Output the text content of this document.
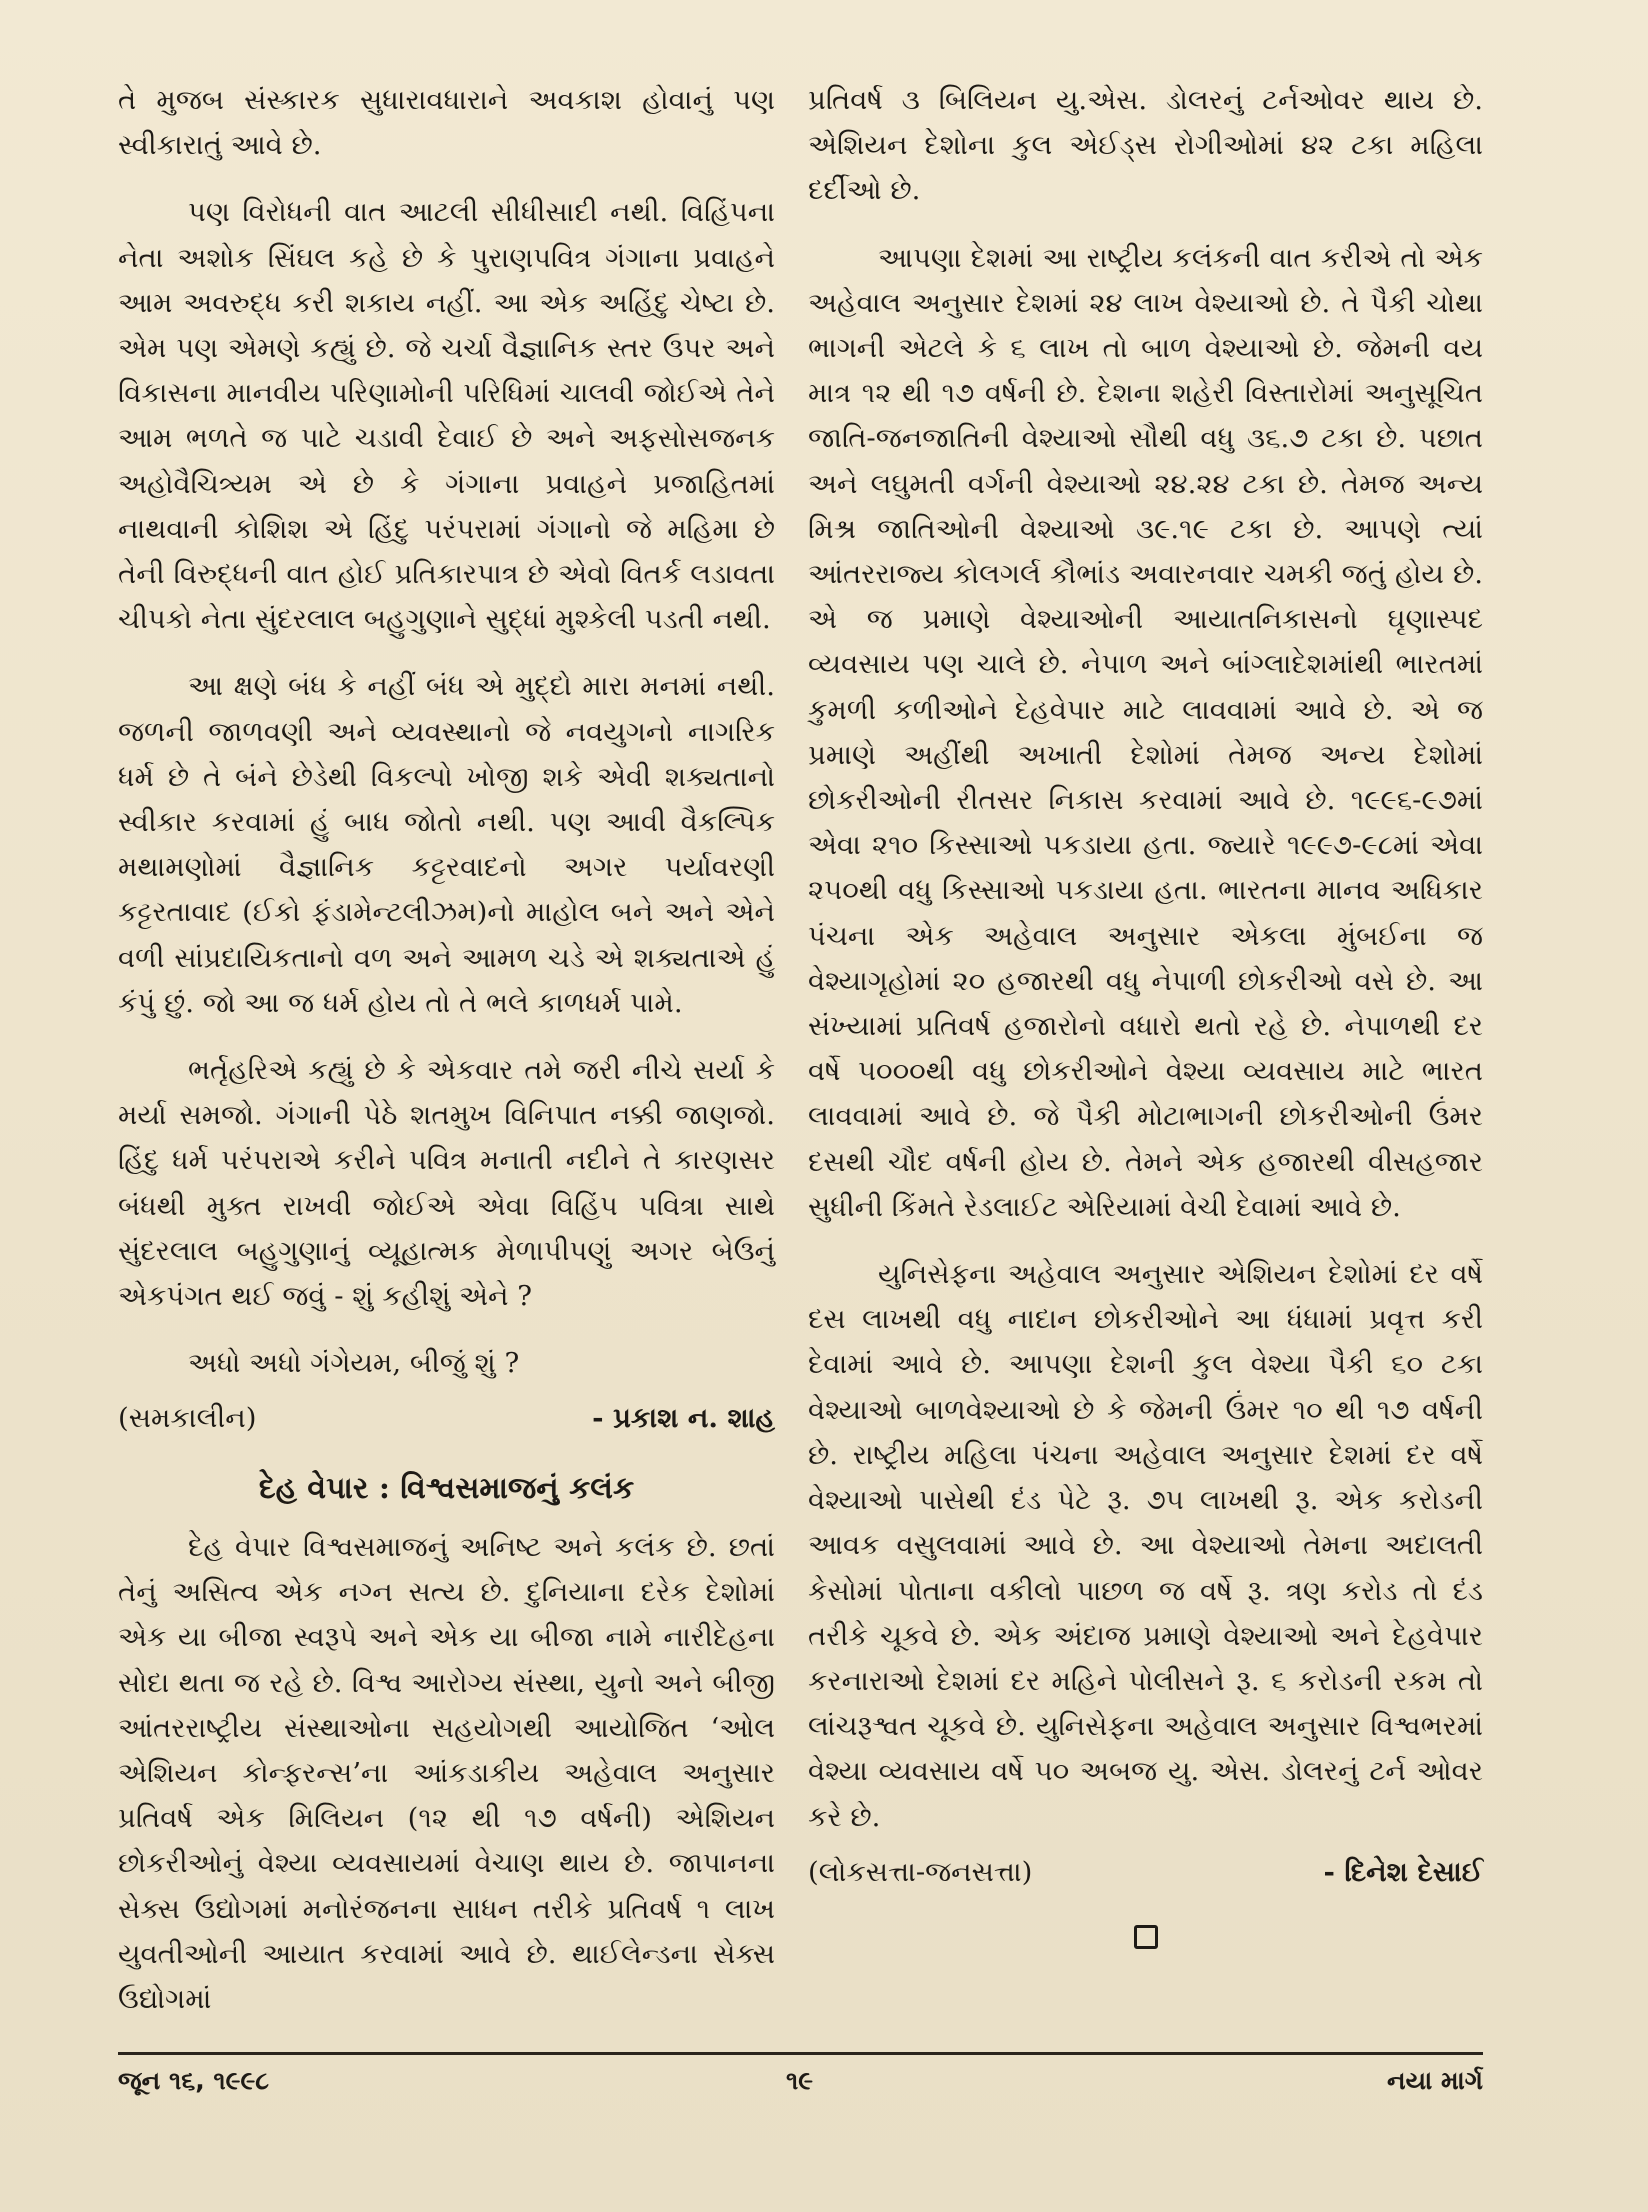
તે મુજબ સંસ્કારક સુધારાવધારાને અવકાશ હોવાનું પણ સ્વીકારાતું આવે છે.

પણ વિરોધની વાત આટલી સીધીસાદી નથી. વિહિંપના નેતા અશોક સિંઘલ કહે છે કે પુરાણપવિત્ર ગંગાના પ્રવાહને આમ અવરુદ્ધ કરી શકાય નહીં. આ એક અહિંદુ ચેષ્ટા છે. એમ પણ એમણે કહ્યું છે. જે ચર્ચા વૈજ્ઞાનિક સ્તર ઉપર અને વિકાસના માનવીય પરિણામોની પરિધિમાં ચાલવી જોઈએ તેને આમ ભળતે જ પાટે ચડાવી દેવાઈ છે અને અફસોસજનક અહોવૈચિત્ર્યમ એ છે કે ગંગાના પ્રવાહને પ્રજાહિતમાં નાથવાની કોશિશ એ હિંદુ પરંપરામાં ગંગાનો જે મહિમા છે તેની વિરુદ્ધની વાત હોઈ પ્રતિકારપાત્ર છે એવો વિતર્ક લડાવતા ચીપકો નેતા સુંદરલાલ બહુગુણાને સુદ્ધાં મુશ્કેલી પડતી નથી.

આ ક્ષણે બંધ કે નહીં બંધ એ મુદ્દો મારા મનમાં નથી. જળની જાળવણી અને વ્યવસ્થાનો જે નવયુગનો નાગરિક ધર્મ છે તે બંને છેડેથી વિકલ્પો ખોજી શકે એવી શક્યતાનો સ્વીકાર કરવામાં હું બાધ જોતો નથી. પણ આવી વૈકલ્પિક મથામણોમાં વૈજ્ઞાનિક કટ્ટરવાદનો અગર પર્યાવરણી કટ્ટરતાવાદ (ઈકો ફંડામેન્ટલીઝમ)નો માહોલ બને અને એને વળી સાંપ્રદાયિકતાનો વળ અને આમળ ચડે એ શક્યતાએ હું કંપું છું. જો આ જ ધર્મ હોય તો તે ભલે કાળધર્મ પામે.

ભર્તૃહરિએ કહ્યું છે કે એકવાર તમે જરી નીચે સર્યા કે મર્યા સમજો. ગંગાની પેઠે શતમુખ વિનિપાત નક્કી જાણજો. હિંદુ ધર્મ પરંપરાએ કરીને પવિત્ર મનાતી નદીને તે કારણસર બંધથી મુક્ત રાખવી જોઈએ એવા વિહિંપ પવિત્રા સાથે સુંદરલાલ બહુગુણાનું વ્યૂહાત્મક મેળાપીપણું અગર બેઉનું એકપંગત થઈ જવું - શું કહીશું એને ?

અધો અધો ગંગેયમ, બીજું શું ?

(સમકાલીન)	- પ્રકાશ ન. શાહ
દેહ વેપાર : વિશ્વસમાજનું કલંક

દેહ વેપાર વિશ્વસમાજનું અનિષ્ટ અને કલંક છે. છતાં તેનું અસિત્વ એક નગ્ન સત્ય છે. દુનિયાના દરેક દેશોમાં એક યા બીજા સ્વરૂપે અને એક યા બીજા નામે નારીદેહના સોદા થતા જ રહે છે. વિશ્વ આરોગ્ય સંસ્થા, યુનો અને બીજી આંતરરાષ્ટ્રીય સંસ્થાઓના સહયોગથી આયોજિત ‘ઓલ એશિયન કોન્ફરન્સ’ના આંકડાકીય અહેવાલ અનુસાર પ્રતિવર્ષ એક મિલિયન (૧૨ થી ૧૭ વર્ષની) એશિયન છોકરીઓનું વેશ્યા વ્યવસાયમાં વેચાણ થાય છે. જાપાનના સેક્સ ઉદ્યોગમાં મનોરંજનના સાધન તરીકે પ્રતિવર્ષ ૧ લાખ યુવતીઓની આયાત કરવામાં આવે છે. થાઈલેન્ડના સેક્સ ઉદ્યોગમાં

પ્રતિવર્ષ ૩ બિલિયન યુ.એસ. ડોલરનું ટર્નઓવર થાય છે. એશિયન દેશોના કુલ એઈડ્સ રોગીઓમાં ૪૨ ટકા મહિલા દર્દીઓ છે.

આપણા દેશમાં આ રાષ્ટ્રીય કલંકની વાત કરીએ તો એક અહેવાલ અનુસાર દેશમાં ૨૪ લાખ વેશ્યાઓ છે. તે પૈકી ચોથા ભાગની એટલે કે ૬ લાખ તો બાળ વેશ્યાઓ છે. જેમની વય માત્ર ૧૨ થી ૧૭ વર્ષની છે. દેશના શહેરી વિસ્તારોમાં અનુસૂચિત જાતિ-જનજાતિની વેશ્યાઓ સૌથી વધુ ૩૬.૭ ટકા છે. પછાત અને લઘુમતી વર્ગની વેશ્યાઓ ૨૪.૨૪ ટકા છે. તેમજ અન્ય મિશ્ર જાતિઓની વેશ્યાઓ ૩૯.૧૯ ટકા છે. આપણે ત્યાં આંતરરાજ્ય કોલગર્લ કૌભાંડ અવારનવાર ચમકી જતું હોય છે. એ જ પ્રમાણે વેશ્યાઓની આયાતનિકાસનો ઘૃણાસ્પદ વ્યવસાય પણ ચાલે છે. નેપાળ અને બાંગ્લાદેશમાંથી ભારતમાં કુમળી કળીઓને દેહવેપાર માટે લાવવામાં આવે છે. એ જ પ્રમાણે અહીંથી અખાતી દેશોમાં તેમજ અન્ય દેશોમાં છોકરીઓની રીતસર નિકાસ કરવામાં આવે છે. ૧૯૯૬-૯૭માં એવા ૨૧૦ કિસ્સાઓ પકડાયા હતા. જ્યારે ૧૯૯૭-૯૮માં એવા ૨૫૦થી વધુ કિસ્સાઓ પકડાયા હતા. ભારતના માનવ અધિકાર પંચના એક અહેવાલ અનુસાર એકલા મુંબઈના જ વેશ્યાગૃહોમાં ૨૦ હજારથી વધુ નેપાળી છોકરીઓ વસે છે. આ સંખ્યામાં પ્રતિવર્ષ હજારોનો વધારો થતો રહે છે. નેપાળથી દર વર્ષે ૫૦૦૦થી વધુ છોકરીઓને વેશ્યા વ્યવસાય માટે ભારત લાવવામાં આવે છે. જે પૈકી મોટાભાગની છોકરીઓની ઉંમર દસથી ચૌદ વર્ષની હોય છે. તેમને એક હજારથી વીસહજાર સુધીની કિંમતે રેડલાઈટ એરિયામાં વેચી દેવામાં આવે છે.

યુનિસેફના અહેવાલ અનુસાર એશિયન દેશોમાં દર વર્ષે દસ લાખથી વધુ નાદાન છોકરીઓને આ ધંધામાં પ્રવૃત્ત કરી દેવામાં આવે છે. આપણા દેશની કુલ વેશ્યા પૈકી ૬૦ ટકા વેશ્યાઓ બાળવેશ્યાઓ છે કે જેમની ઉંમર ૧૦ થી ૧૭ વર્ષની છે. રાષ્ટ્રીય મહિલા પંચના અહેવાલ અનુસાર દેશમાં દર વર્ષે વેશ્યાઓ પાસેથી દંડ પેટે રૂ. ૭૫ લાખથી રૂ. એક કરોડની આવક વસુલવામાં આવે છે. આ વેશ્યાઓ તેમના અદાલતી કેસોમાં પોતાના વકીલો પાછળ જ વર્ષે રૂ. ત્રણ કરોડ તો દંડ તરીકે ચૂકવે છે. એક અંદાજ પ્રમાણે વેશ્યાઓ અને દેહવેપાર કરનારાઓ દેશમાં દર મહિને પોલીસને રૂ. ૬ કરોડની રકમ તો લાંચરૂશ્વત ચૂકવે છે. યુનિસેફના અહેવાલ અનુસાર વિશ્વભરમાં વેશ્યા વ્યવસાય વર્ષે ૫૦ અબજ યુ. એસ. ડોલરનું ટર્ન ઓવર કરે છે.

(લોકસત્તા-જનસત્તા)	- દિનેશ દેસાઈ
જૂન ૧૬, ૧૯૯૮	૧૯	નયા માર્ગ
